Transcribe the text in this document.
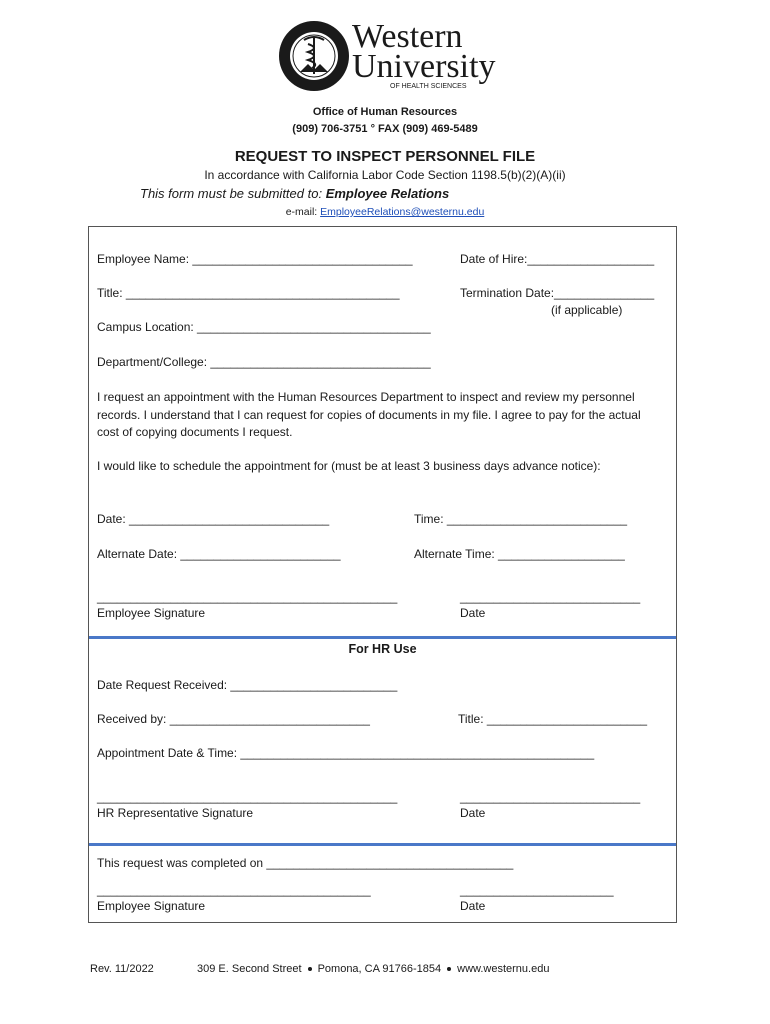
Western
University
OF HEALTH SCIENCES
Office of Human Resources
(909) 706-3751 ° FAX (909) 469-5489
REQUEST TO INSPECT PERSONNEL FILE
In accordance with California Labor Code Section 1198.5(b)(2)(A)(ii)
This form must be submitted to: Employee Relations
e-mail: EmployeeRelations@westernu.edu
Employee Name: _________________________________	Date of Hire:___________________
Title: _________________________________________	Termination Date:_______________
(if applicable)
Campus Location: ___________________________________
Department/College: _________________________________
I request an appointment with the Human Resources Department to inspect and review my personnel records. I understand that I can request for copies of documents in my file. I agree to pay for the actual cost of copying documents I request.
I would like to schedule the appointment for (must be at least 3 business days advance notice):
Date: ______________________________	Time: ___________________________
Alternate Date: ________________________	Alternate Time: ___________________
_____________________________________________	___________________________
Employee Signature	Date
For HR Use
Date Request Received: _________________________
Received by: ______________________________	Title: ________________________
Appointment Date & Time: _____________________________________________________
_____________________________________________	___________________________
HR Representative Signature	Date
This request was completed on _____________________________________
_________________________________________	_______________________
Employee Signature	Date
Rev. 11/2022	309 E. Second Street Pomona, CA 91766-1854 www.westernu.edu
